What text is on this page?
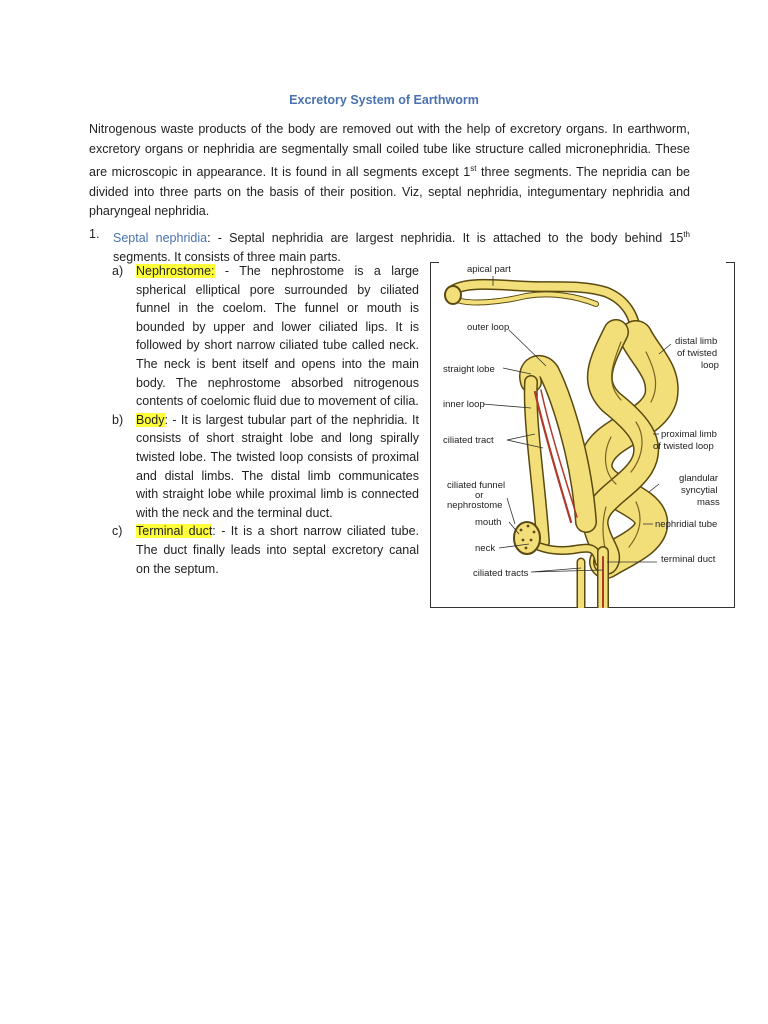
Excretory System of Earthworm

Nitrogenous waste products of the body are removed out with the help of excretory organs. In earthworm, excretory organs or nephridia are segmentally small coiled tube like structure called micronephridia. These are microscopic in appearance. It is found in all segments except 1st three segments. The nepridia can be divided into three parts on the basis of their position. Viz, septal nephridia, integumentary nephridia and pharyngeal nephridia.

1. Septal nephridia: - Septal nephridia are largest nephridia. It is attached to the body behind 15th segments. It consists of three main parts.
a) Nephrostome: - The nephrostome is a large spherical elliptical pore surrounded by ciliated funnel in the coelom. The funnel or mouth is bounded by upper and lower ciliated lips. It is followed by short narrow ciliated tube called neck. The neck is bent itself and opens into the main body. The nephrostome absorbed nitrogenous contents of coelomic fluid due to movement of cilia.
b) Body: - It is largest tubular part of the nephridia. It consists of short straight lobe and long spirally twisted lobe. The twisted loop consists of proximal and distal limbs. The distal limb communicates with straight lobe while proximal limb is connected with the neck and the terminal duct.
c) Terminal duct: - It is a short narrow ciliated tube. The duct finally leads into septal excretory canal on the septum.
apical part
outer loop
straight lobe
inner loop
ciliated tract
ciliated funnel
or
nephrostome
mouth
neck
ciliated tracts
distal limb
of twisted
loop
proximal limb
of twisted loop
glandular
syncytial
mass
nephridial tube
terminal duct
